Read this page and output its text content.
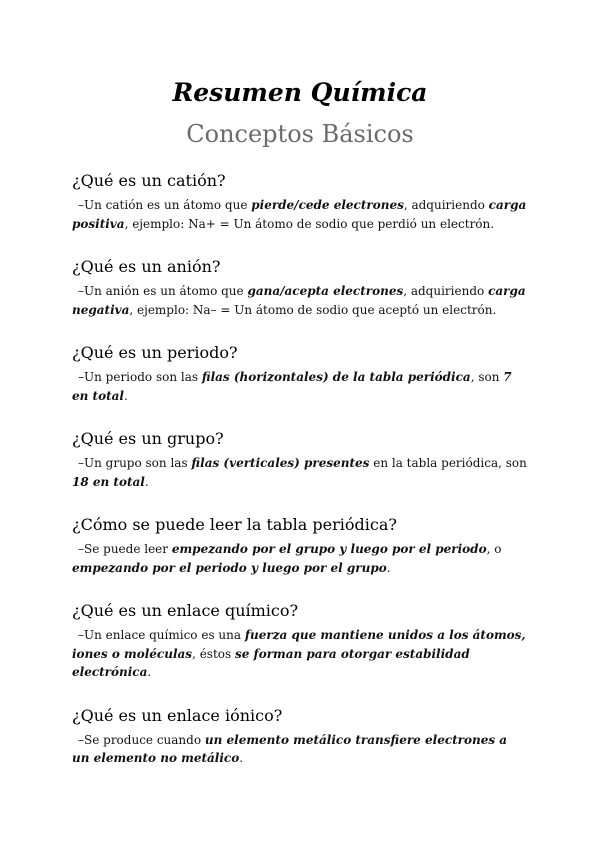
Resumen Química
Conceptos Básicos
¿Qué es un catión?

–Un catión es un átomo que pierde/cede electrones, adquiriendo carga positiva, ejemplo: Na+ = Un átomo de sodio que perdió un electrón.

¿Qué es un anión?

–Un anión es un átomo que gana/acepta electrones, adquiriendo carga negativa, ejemplo: Na– = Un átomo de sodio que aceptó un electrón.

¿Qué es un periodo?

–Un periodo son las filas (horizontales) de la tabla periódica, son 7 en total.

¿Qué es un grupo?

–Un grupo son las filas (verticales) presentes en la tabla periódica, son 18 en total.

¿Cómo se puede leer la tabla periódica?

–Se puede leer empezando por el grupo y luego por el periodo, o empezando por el periodo y luego por el grupo.

¿Qué es un enlace químico?

–Un enlace químico es una fuerza que mantiene unidos a los átomos, iones o moléculas, éstos se forman para otorgar estabilidad electrónica.

¿Qué es un enlace iónico?

–Se produce cuando un elemento metálico transfiere electrones a un elemento no metálico.
